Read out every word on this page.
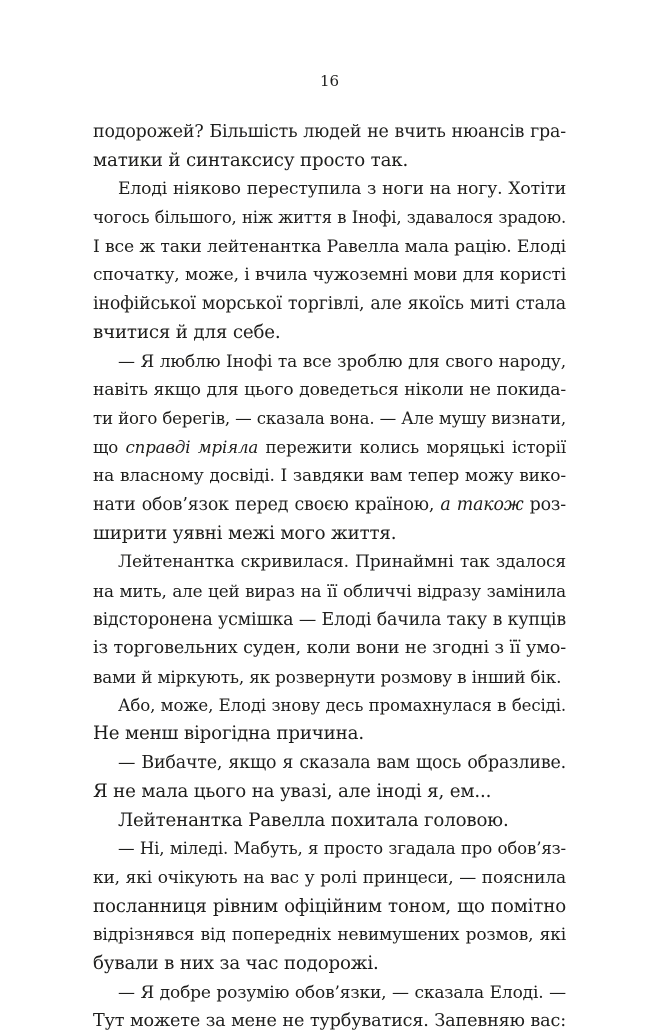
16
подорожей? Більшість людей не вчить нюансів гра-
матики й синтаксису просто так.
Елоді ніяково переступила з ноги на ногу. Хотіти
чогось більшого, ніж життя в Інофі, здавалося зрадою.
І все ж таки лейтенантка Равелла мала рацію. Елоді
спочатку, може, і вчила чужоземні мови для користі
інофійської морської торгівлі, але якоїсь миті стала
вчитися й для себе.
— Я люблю Інофі та все зроблю для свого народу,
навіть якщо для цього доведеться ніколи не покида-
ти його берегів, — сказала вона. — Але мушу визнати,
що справді мріяла пережити колись моряцькі історії
на власному досвіді. І завдяки вам тепер можу вико-
нати обов’язок перед своєю країною, а також роз-
ширити уявні межі мого життя.
Лейтенантка скривилася. Принаймні так здалося
на мить, але цей вираз на її обличчі відразу замінила
відсторонена усмішка — Елоді бачила таку в купців
із торговельних суден, коли вони не згодні з її умо-
вами й міркують, як розвернути розмову в інший бік.
Або, може, Елоді знову десь промахнулася в бесіді.
Не менш вірогідна причина.
— Вибачте, якщо я сказала вам щось образливе.
Я не мала цього на увазі, але іноді я, ем...
Лейтенантка Равелла похитала головою.
— Ні, міледі. Мабуть, я просто згадала про обов’яз-
ки, які очікують на вас у ролі принцеси, — пояснила
посланниця рівним офіційним тоном, що помітно
відрізнявся від попередніх невимушених розмов, які
бували в них за час подорожі.
— Я добре розумію обов’язки, — сказала Елоді. —
Тут можете за мене не турбуватися. Запевняю вас:
